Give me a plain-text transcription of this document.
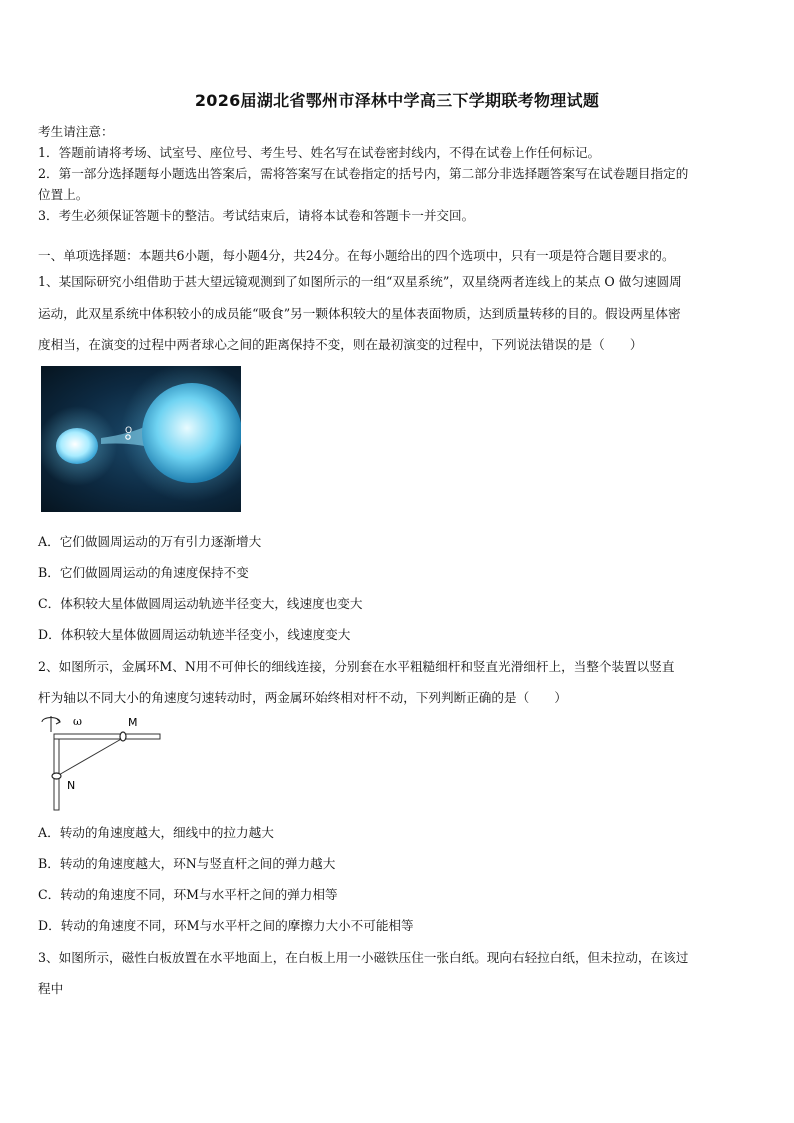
2026届湖北省鄂州市泽林中学高三下学期联考物理试题
考生请注意：
1．答题前请将考场、试室号、座位号、考生号、姓名写在试卷密封线内，不得在试卷上作任何标记。
2．第一部分选择题每小题选出答案后，需将答案写在试卷指定的括号内，第二部分非选择题答案写在试卷题目指定的
位置上。
3．考生必须保证答题卡的整洁。考试结束后，请将本试卷和答题卡一并交回。
一、单项选择题：本题共6小题，每小题4分，共24分。在每小题给出的四个选项中，只有一项是符合题目要求的。
1、某国际研究小组借助于甚大望远镜观测到了如图所示的一组“双星系统”，双星绕两者连线上的某点 O 做匀速圆周
运动，此双星系统中体积较小的成员能“吸食”另一颗体积较大的星体表面物质，达到质量转移的目的。假设两星体密
度相当，在演变的过程中两者球心之间的距离保持不变，则在最初演变的过程中，下列说法错误的是（　　）
O
A．它们做圆周运动的万有引力逐渐增大
B．它们做圆周运动的角速度保持不变
C．体积较大星体做圆周运动轨迹半径变大，线速度也变大
D．体积较大星体做圆周运动轨迹半径变小，线速度变大
2、如图所示，金属环M、N用不可伸长的细线连接，分别套在水平粗糙细杆和竖直光滑细杆上，当整个装置以竖直
杆为轴以不同大小的角速度匀速转动时，两金属环始终相对杆不动，下列判断正确的是（　　）
ω	M
N
A．转动的角速度越大，细线中的拉力越大
B．转动的角速度越大，环N与竖直杆之间的弹力越大
C．转动的角速度不同，环M与水平杆之间的弹力相等
D．转动的角速度不同，环M与水平杆之间的摩擦力大小不可能相等
3、如图所示，磁性白板放置在水平地面上，在白板上用一小磁铁压住一张白纸。现向右轻拉白纸，但未拉动，在该过
程中
